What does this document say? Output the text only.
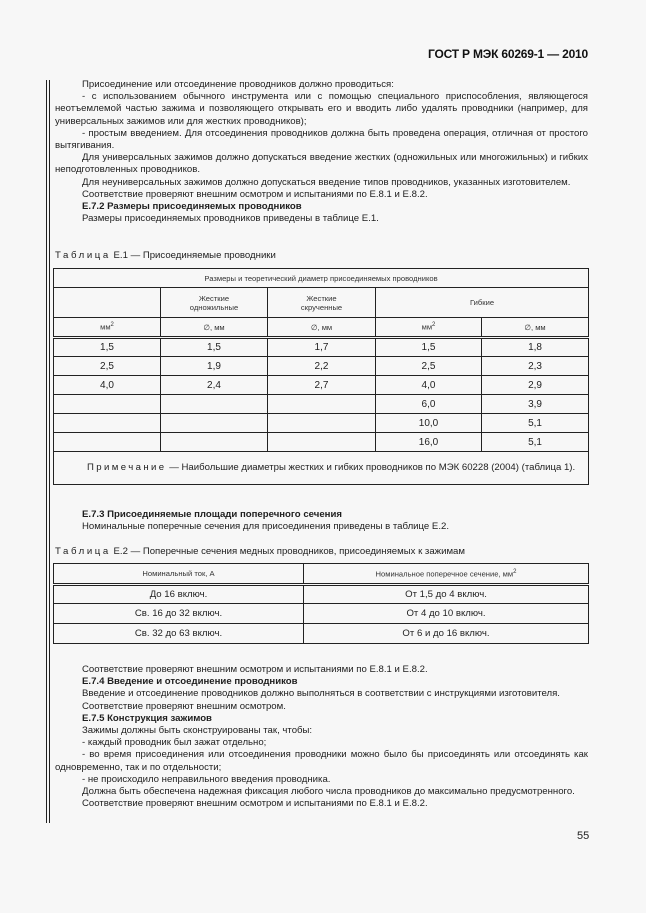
ГОСТ Р МЭК 60269-1 — 2010

Присоединение или отсоединение проводников должно проводиться:

- с использованием обычного инструмента или с помощью специального приспособления, являющегося неотъемлемой частью зажима и позволяющего открывать его и вводить либо удалять проводники (например, для универсальных зажимов или для жестких проводников);

- простым введением. Для отсоединения проводников должна быть проведена операция, отличная от простого вытягивания.

Для универсальных зажимов должно допускаться введение жестких (одножильных или многожильных) и гибких неподготовленных проводников.

Для неуниверсальных зажимов должно допускаться введение типов проводников, указанных изготовителем.

Соответствие проверяют внешним осмотром и испытаниями по Е.8.1 и Е.8.2.

Е.7.2 Размеры присоединяемых проводников

Размеры присоединяемых проводников приведены в таблице Е.1.

Таблица Е.1 — Присоединяемые проводники

Размеры и теоретический диаметр присоединяемых проводников				
	Жесткие одножильные	Жесткие скрученные	Гибкие	
$мм^2$	∅, мм	∅, мм	$мм^2$	∅, мм
1,5	1,5	1,7	1,5	1,8
2,5	1,9	2,2	2,5	2,3
4,0	2,4	2,7	4,0	2,9
			6,0	3,9
			10,0	5,1
			16,0	5,1
Примечание — Наибольшие диаметры жестких и гибких проводников по МЭК 60228 (2004) (таблица 1).				

Е.7.3 Присоединяемые площади поперечного сечения

Номинальные поперечные сечения для присоединения приведены в таблице Е.2.

Таблица Е.2 — Поперечные сечения медных проводников, присоединяемых к зажимам

Номинальный ток, А	Номинальное поперечное сечение, $мм^2$
До 16 включ.	От 1,5 до 4 включ.
Св. 16 до 32 включ.	От 4 до 10 включ.
Св. 32 до 63 включ.	От 6 и до 16 включ.

Соответствие проверяют внешним осмотром и испытаниями по Е.8.1 и Е.8.2.

Е.7.4 Введение и отсоединение проводников

Введение и отсоединение проводников должно выполняться в соответствии с инструкциями изготовителя.

Соответствие проверяют внешним осмотром.

Е.7.5 Конструкция зажимов

Зажимы должны быть сконструированы так, чтобы:

- каждый проводник был зажат отдельно;

- во время присоединения или отсоединения проводники можно было бы присоединять или отсоединять как одновременно, так и по отдельности;

- не происходило неправильного введения проводника.

Должна быть обеспечена надежная фиксация любого числа проводников до максимально предусмотренного.

Соответствие проверяют внешним осмотром и испытаниями по Е.8.1 и Е.8.2.

55
